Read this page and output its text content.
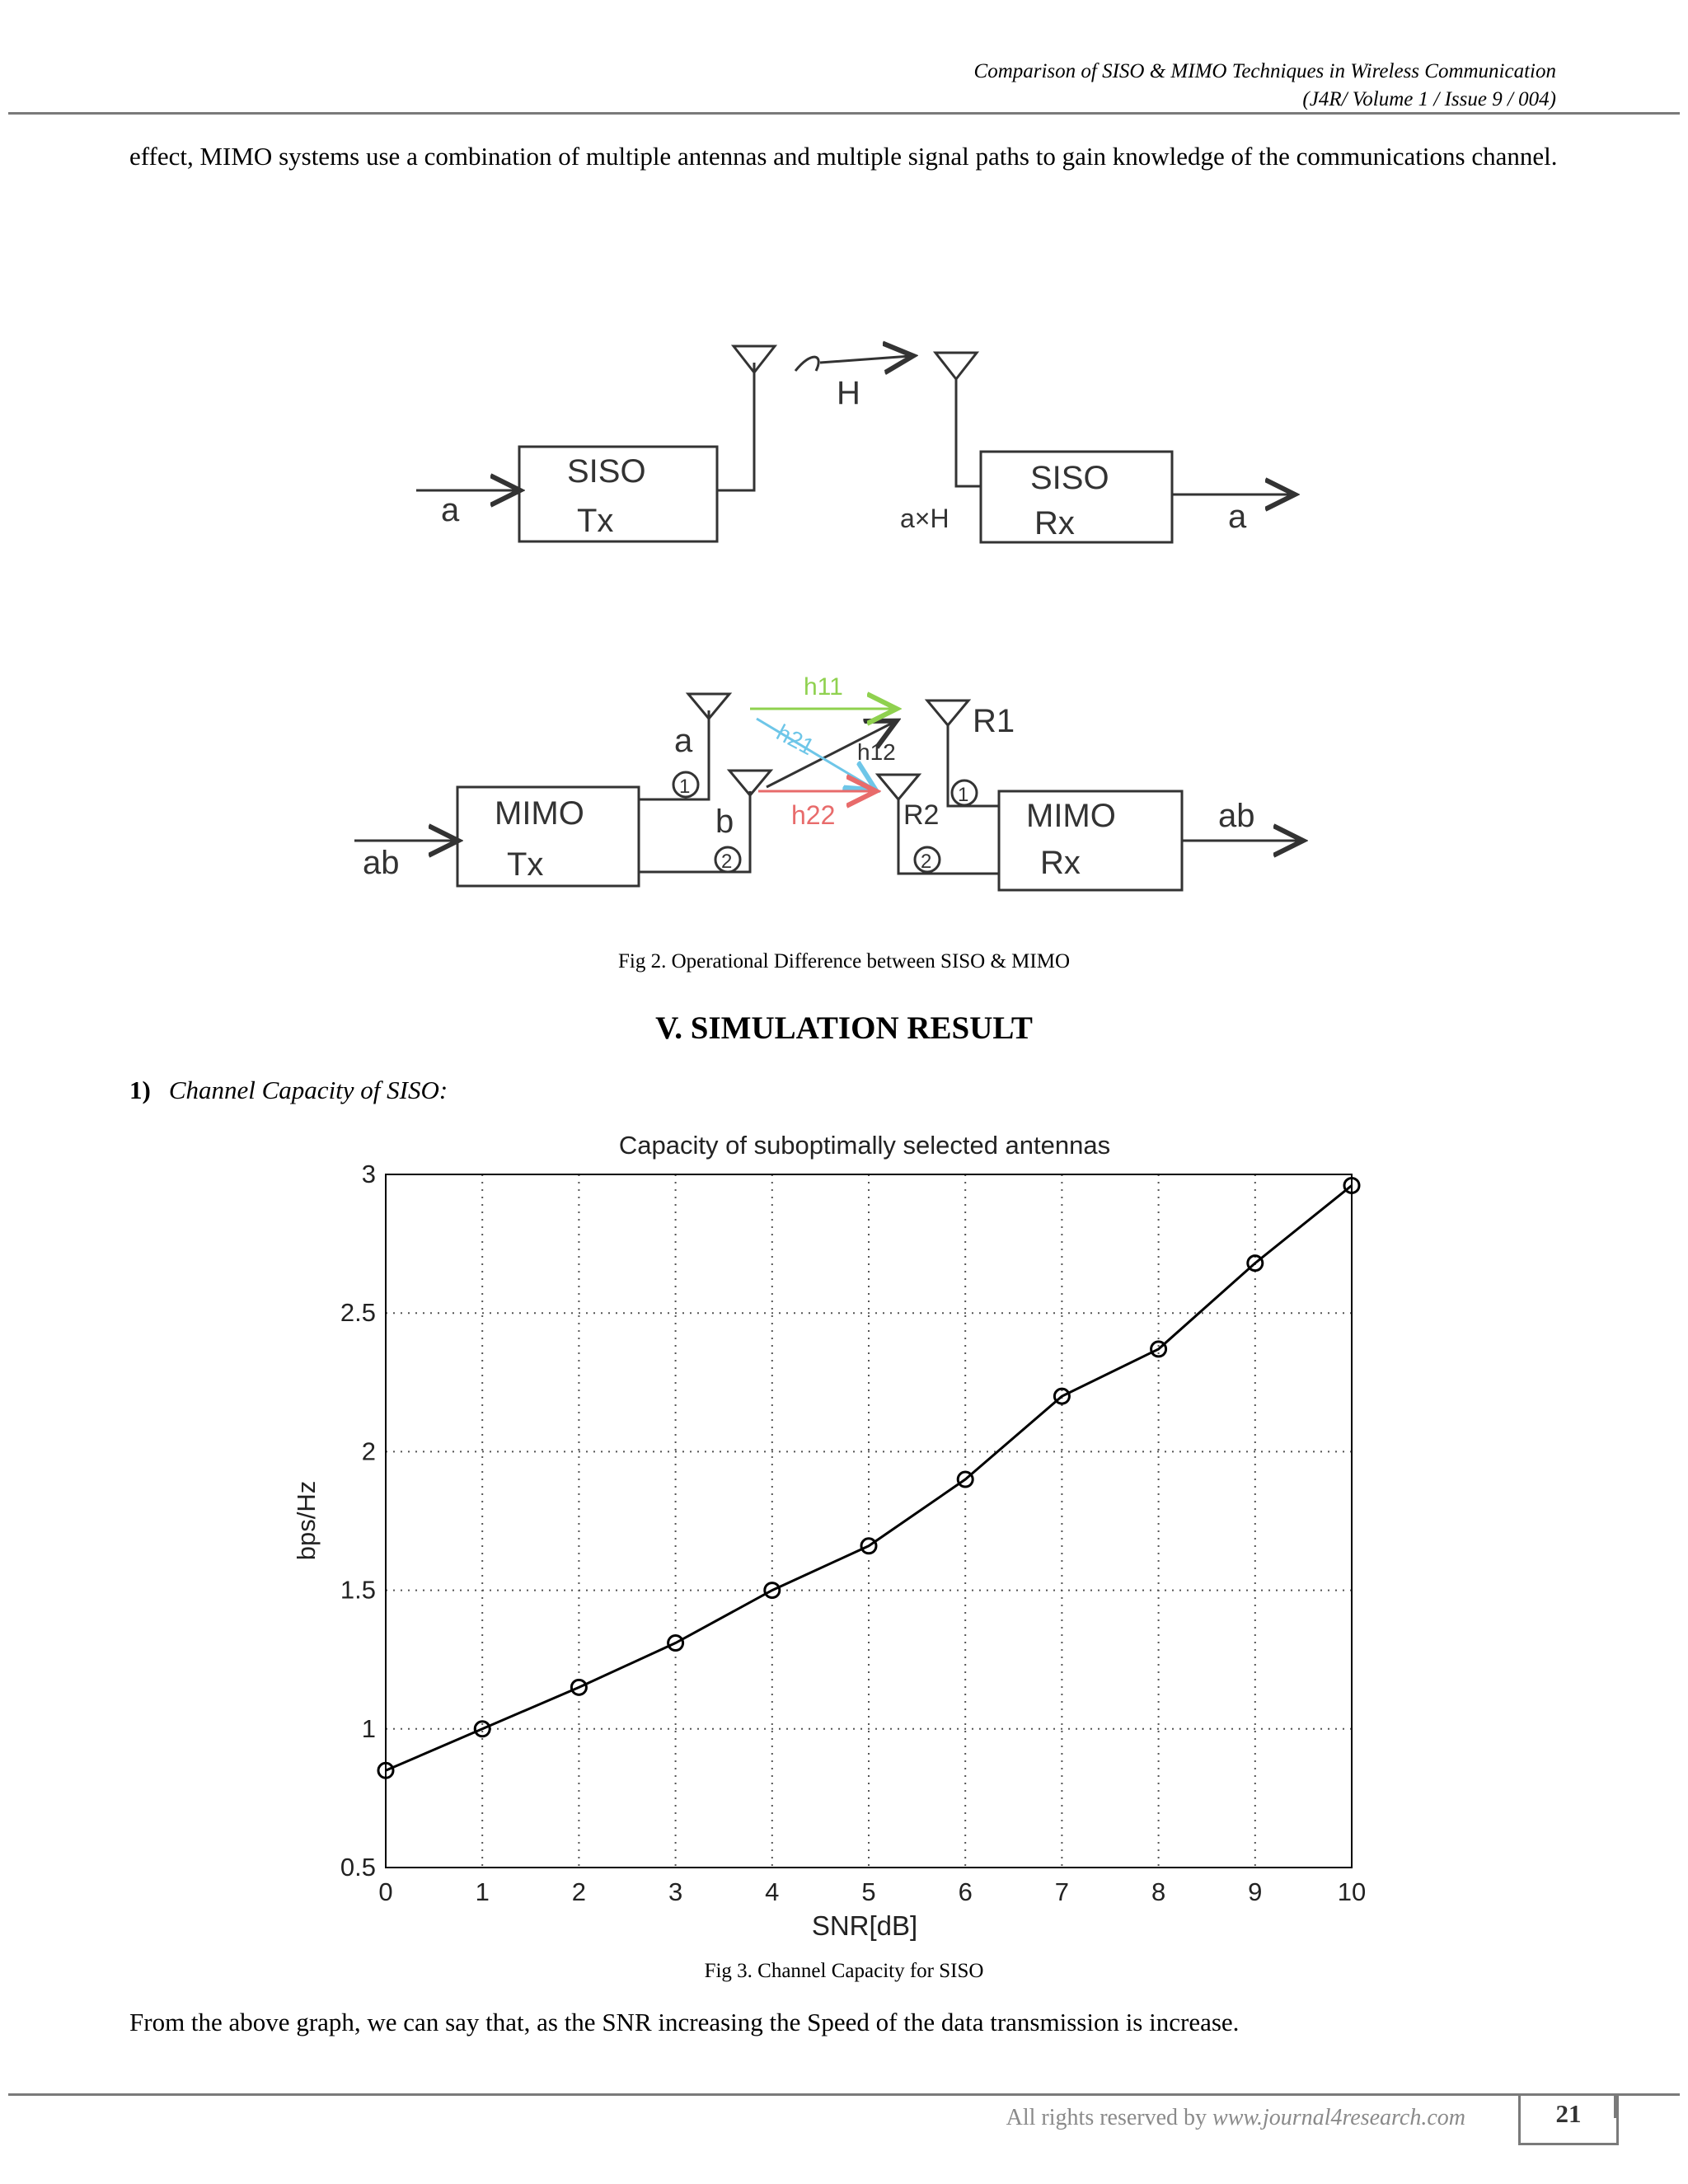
Comparison of SISO & MIMO Techniques in Wireless Communication
(J4R/ Volume 1 / Issue 9 / 004)
effect, MIMO systems use a combination of multiple antennas and multiple signal paths to gain knowledge of the communications channel.
H
SISO
Tx
SISO
Rx
a	a×H	a
MIMO
Tx
MIMO
Rx
ab
ab
a
b
R1
R2
1
2
1
2
h11
h21 h12
h22
Fig 2. Operational Difference between SISO & MIMO
V. SIMULATION RESULT
1) Channel Capacity of SISO:
0	1	2	3	4	5	6	7	8	9	10
0.5
1
1.5
2
2.5
3
Capacity of suboptimally selected antennas
SNR[dB]
bps/Hz
Fig 3. Channel Capacity for SISO
From the above graph, we can say that, as the SNR increasing the Speed of the data transmission is increase.
All rights reserved by www.journal4research.com	21
